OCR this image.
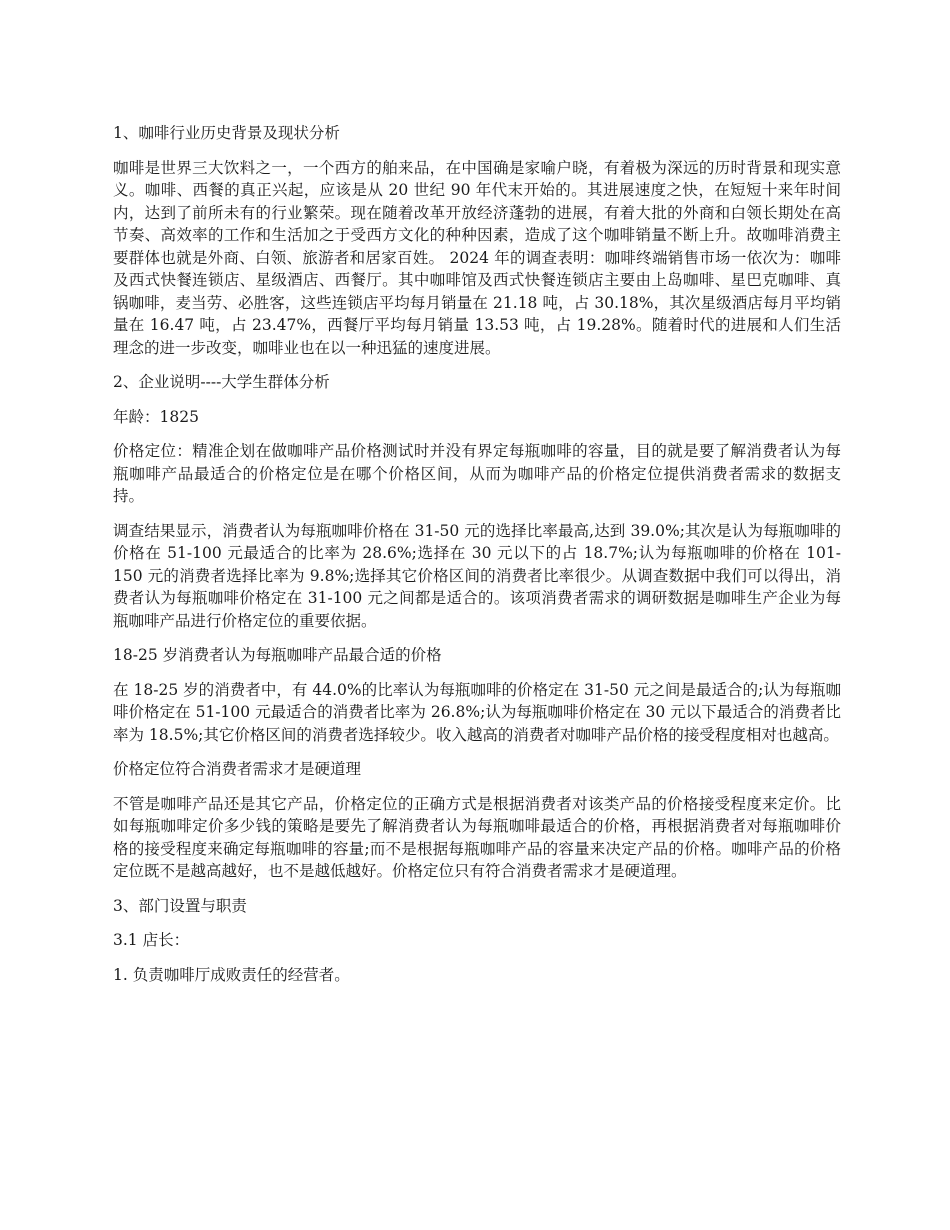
1、咖啡行业历史背景及现状分析

咖啡是世界三大饮料之一，一个西方的舶来品，在中国确是家喻户晓，有着极为深远的历时背景和现实意义。咖啡、西餐的真正兴起，应该是从 20 世纪 90 年代末开始的。其进展速度之快，在短短十来年时间内，达到了前所未有的行业繁荣。现在随着改革开放经济蓬勃的进展，有着大批的外商和白领长期处在高节奏、高效率的工作和生活加之于受西方文化的种种因素，造成了这个咖啡销量不断上升。故咖啡消费主要群体也就是外商、白领、旅游者和居家百姓。 2024 年的调查表明：咖啡终端销售市场一依次为：咖啡及西式快餐连锁店、星级酒店、西餐厅。其中咖啡馆及西式快餐连锁店主要由上岛咖啡、星巴克咖啡、真锅咖啡，麦当劳、必胜客，这些连锁店平均每月销量在 21.18 吨，占 30.18%，其次星级酒店每月平均销量在 16.47 吨，占 23.47%，西餐厅平均每月销量 13.53 吨，占 19.28%。随着时代的进展和人们生活理念的进一步改变，咖啡业也在以一种迅猛的速度进展。

2、企业说明----大学生群体分析

年龄：1825

价格定位：精准企划在做咖啡产品价格测试时并没有界定每瓶咖啡的容量，目的就是要了解消费者认为每瓶咖啡产品最适合的价格定位是在哪个价格区间，从而为咖啡产品的价格定位提供消费者需求的数据支持。

调查结果显示，消费者认为每瓶咖啡价格在 31-50 元的选择比率最高,达到 39.0%;其次是认为每瓶咖啡的价格在 51-100 元最适合的比率为 28.6%;选择在 30 元以下的占 18.7%;认为每瓶咖啡的价格在 101-150 元的消费者选择比率为 9.8%;选择其它价格区间的消费者比率很少。从调查数据中我们可以得出，消费者认为每瓶咖啡价格定在 31-100 元之间都是适合的。该项消费者需求的调研数据是咖啡生产企业为每瓶咖啡产品进行价格定位的重要依据。

18-25 岁消费者认为每瓶咖啡产品最合适的价格

在 18-25 岁的消费者中，有 44.0%的比率认为每瓶咖啡的价格定在 31-50 元之间是最适合的;认为每瓶咖啡价格定在 51-100 元最适合的消费者比率为 26.8%;认为每瓶咖啡价格定在 30 元以下最适合的消费者比率为 18.5%;其它价格区间的消费者选择较少。收入越高的消费者对咖啡产品价格的接受程度相对也越高。

价格定位符合消费者需求才是硬道理

不管是咖啡产品还是其它产品，价格定位的正确方式是根据消费者对该类产品的价格接受程度来定价。比如每瓶咖啡定价多少钱的策略是要先了解消费者认为每瓶咖啡最适合的价格，再根据消费者对每瓶咖啡价格的接受程度来确定每瓶咖啡的容量;而不是根据每瓶咖啡产品的容量来决定产品的价格。咖啡产品的价格定位既不是越高越好，也不是越低越好。价格定位只有符合消费者需求才是硬道理。

3、部门设置与职责

3.1 店长：

1. 负责咖啡厅成败责任的经营者。
